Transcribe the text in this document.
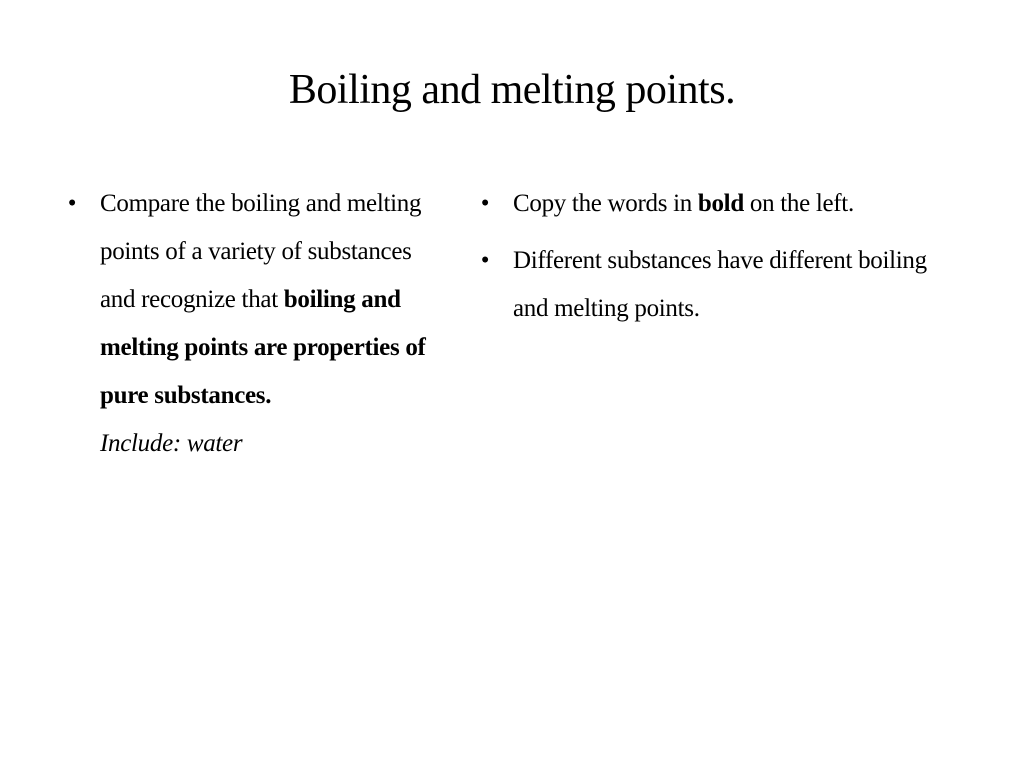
Boiling and melting points.
• Compare the boiling and melting points of a variety of substances and recognize that boiling and melting points are properties of pure substances.
Include: water
• Copy the words in bold on the left.
• Different substances have different boiling and melting points.
